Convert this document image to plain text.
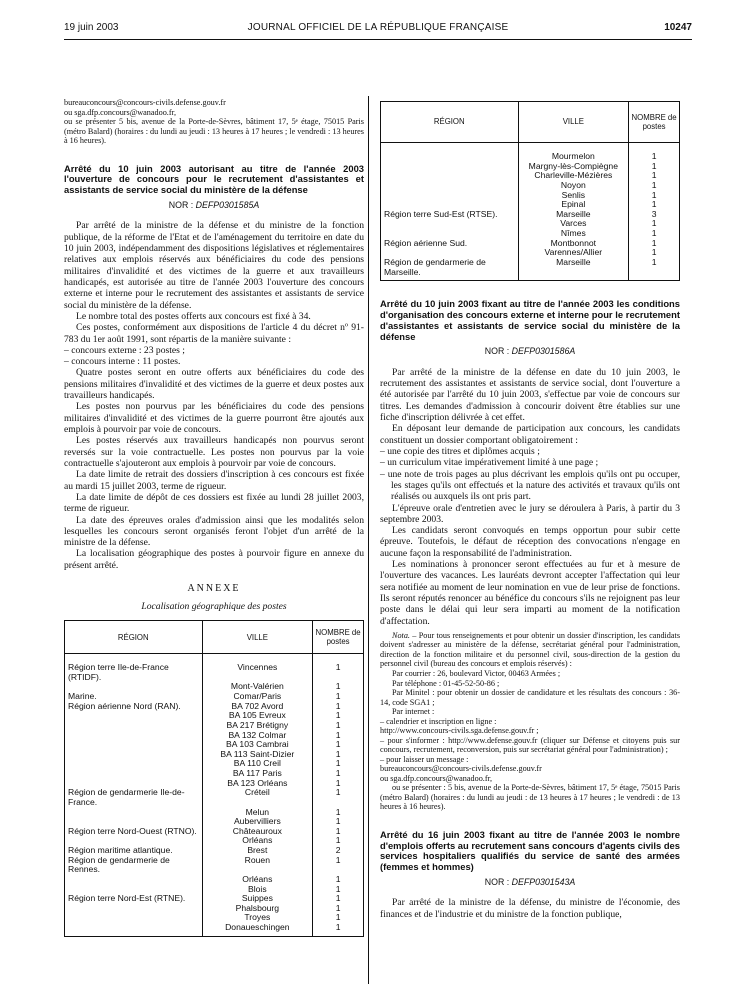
19 juin 2003	JOURNAL OFFICIEL DE LA RÉPUBLIQUE FRANÇAISE	10247

bureauconcours@concours-civils.defense.gouv.fr

ou sga.dfp.concours@wanadoo.fr,

ou se présenter 5 bis, avenue de la Porte-de-Sèvres, bâtiment 17, 5ᵉ étage, 75015 Paris (métro Balard) (horaires : du lundi au jeudi : 13 heures à 17 heures ; le vendredi : 13 heures à 16 heures).

Arrêté du 10 juin 2003 autorisant au titre de l'année 2003 l'ouverture de concours pour le recrutement d'assistantes et assistants de service social du ministère de la défense

NOR : DEFP0301585A

Par arrêté de la ministre de la défense et du ministre de la fonction publique, de la réforme de l'Etat et de l'aménagement du territoire en date du 10 juin 2003, indépendamment des dispositions législatives et réglementaires relatives aux emplois réservés aux bénéficiaires du code des pensions militaires d'invalidité et des victimes de la guerre et aux travailleurs handicapés, est autorisée au titre de l'année 2003 l'ouverture des concours externe et interne pour le recrutement des assistantes et assistants de service social du ministère de la défense.

Le nombre total des postes offerts aux concours est fixé à 34.

Ces postes, conformément aux dispositions de l'article 4 du décret nº 91-783 du 1er août 1991, sont répartis de la manière suivante :

– concours externe : 23 postes ;

– concours interne : 11 postes.

Quatre postes seront en outre offerts aux bénéficiaires du code des pensions militaires d'invalidité et des victimes de la guerre et deux postes aux travailleurs handicapés.

Les postes non pourvus par les bénéficiaires du code des pensions militaires d'invalidité et des victimes de la guerre pourront être ajoutés aux emplois à pourvoir par voie de concours.

Les postes réservés aux travailleurs handicapés non pourvus seront reversés sur la voie contractuelle. Les postes non pourvus par la voie contractuelle s'ajouteront aux emplois à pourvoir par voie de concours.

La date limite de retrait des dossiers d'inscription à ces concours est fixée au mardi 15 juillet 2003, terme de rigueur.

La date limite de dépôt de ces dossiers est fixée au lundi 28 juillet 2003, terme de rigueur.

La date des épreuves orales d'admission ainsi que les modalités selon lesquelles les concours seront organisés feront l'objet d'un arrêté de la ministre de la défense.

La localisation géographique des postes à pourvoir figure en annexe du présent arrêté.

ANNEXE
Localisation géographique des postes
RÉGION	VILLE	NOMBRE de postes

Région terre Ile-de-France (RTIDF).	Vincennes	1
	Mont-Valérien	1
Marine.	Comar/Paris	1
Région aérienne Nord (RAN).	BA 702 Avord	1
	BA 105 Evreux	1
	BA 217 Brétigny	1
	BA 132 Colmar	1
	BA 103 Cambrai	1
	BA 113 Saint-Dizier	1
	BA 110 Creil	1
	BA 117 Paris	1
	BA 123 Orléans	1
Région de gendarmerie Ile-de-France.	Créteil	1
	Melun	1
	Aubervilliers	1
Région terre Nord-Ouest (RTNO).	Châteauroux	1
	Orléans	1
Région maritime atlantique.	Brest	2
Région de gendarmerie de Rennes.	Rouen	1
	Orléans	1
	Blois	1
Région terre Nord-Est (RTNE).	Suippes	1
	Phalsbourg	1
	Troyes	1
	Donaueschingen	1
RÉGION	VILLE	NOMBRE de postes

	Mourmelon	1
	Margny-lès-Compiègne	1
	Charleville-Mézières	1
	Noyon	1
	Senlis	1
	Epinal	1
Région terre Sud-Est (RTSE).	Marseille	3
	Varces	1
	Nîmes	1
Région aérienne Sud.	Montbonnot	1
	Varennes/Allier	1
Région de gendarmerie de Marseille.	Marseille	1

Arrêté du 10 juin 2003 fixant au titre de l'année 2003 les conditions d'organisation des concours externe et interne pour le recrutement d'assistantes et assistants de service social du ministère de la défense

NOR : DEFP0301586A

Par arrêté de la ministre de la défense en date du 10 juin 2003, le recrutement des assistantes et assistants de service social, dont l'ouverture a été autorisée par l'arrêté du 10 juin 2003, s'effectue par voie de concours sur titres. Les demandes d'admission à concourir doivent être établies sur une fiche d'inscription délivrée à cet effet.

En déposant leur demande de participation aux concours, les candidats constituent un dossier comportant obligatoirement :

– une copie des titres et diplômes acquis ;
– un curriculum vitae impérativement limité à une page ;
– une note de trois pages au plus décrivant les emplois qu'ils ont pu occuper, les stages qu'ils ont effectués et la nature des activités et travaux qu'ils ont réalisés ou auxquels ils ont pris part.

L'épreuve orale d'entretien avec le jury se déroulera à Paris, à partir du 3 septembre 2003.

Les candidats seront convoqués en temps opportun pour subir cette épreuve. Toutefois, le défaut de réception des convocations n'engage en aucune façon la responsabilité de l'administration.

Les nominations à prononcer seront effectuées au fur et à mesure de l'ouverture des vacances. Les lauréats devront accepter l'affectation qui leur sera notifiée au moment de leur nomination en vue de leur prise de fonctions. Ils seront réputés renoncer au bénéfice du concours s'ils ne rejoignent pas leur poste dans le délai qui leur sera imparti au moment de la notification d'affectation.

Nota. – Pour tous renseignements et pour obtenir un dossier d'inscription, les candidats doivent s'adresser au ministère de la défense, secrétariat général pour l'administration, direction de la fonction militaire et du personnel civil, sous-direction de la gestion du personnel civil (bureau des concours et emplois réservés) :

Par courrier : 26, boulevard Victor, 00463 Armées ;

Par téléphone : 01-45-52-50-86 ;

Par Minitel : pour obtenir un dossier de candidature et les résultats des concours : 36-14, code SGA1 ;

Par internet :

– calendrier et inscription en ligne :

http://www.concours-civils.sga.defense.gouv.fr ;

– pour s'informer : http://www.defense.gouv.fr (cliquer sur Défense et citoyens puis sur concours, recrutement, reconversion, puis sur secrétariat général pour l'administration) ;

– pour laisser un message :

bureauconcours@concours-civils.defense.gouv.fr

ou sga.dfp.concours@wanadoo.fr,

ou se présenter : 5 bis, avenue de la Porte-de-Sèvres, bâtiment 17, 5ᵉ étage, 75015 Paris (métro Balard) (horaires : du lundi au jeudi : de 13 heures à 17 heures ; le vendredi : de 13 heures à 16 heures).

Arrêté du 16 juin 2003 fixant au titre de l'année 2003 le nombre d'emplois offerts au recrutement sans concours d'agents civils des services hospitaliers qualifiés du service de santé des armées (femmes et hommes)

NOR : DEFP0301543A

Par arrêté de la ministre de la défense, du ministre de l'économie, des finances et de l'industrie et du ministre de la fonction publique,
